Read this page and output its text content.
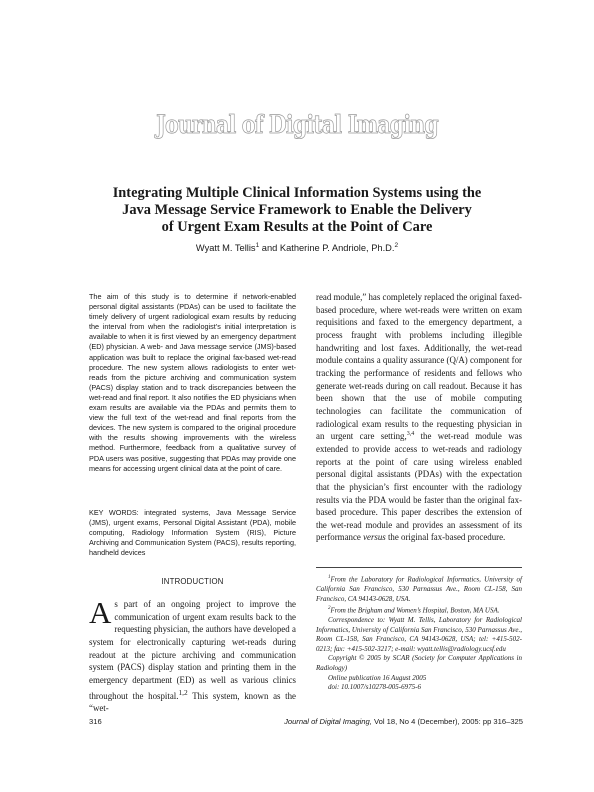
Journal of Digital Imaging
Integrating Multiple Clinical Information Systems using the
Java Message Service Framework to Enable the Delivery
of Urgent Exam Results at the Point of Care
Wyatt M. Tellis$^1$ and Katherine P. Andriole, Ph.D.$^2$

The aim of this study is to determine if network-enabled personal digital assistants (PDAs) can be used to facilitate the timely delivery of urgent radiological exam results by reducing the interval from when the radiologist’s initial interpretation is available to when it is first viewed by an emergency department (ED) physician. A web- and Java message service (JMS)-based application was built to replace the original fax-based wet-read procedure. The new system allows radiologists to enter wet-reads from the picture archiving and communication system (PACS) display station and to track discrepancies between the wet-read and final report. It also notifies the ED physicians when exam results are available via the PDAs and permits them to view the full text of the wet-read and final reports from the devices. The new system is compared to the original procedure with the results showing improvements with the wireless method. Furthermore, feedback from a qualitative survey of PDA users was positive, suggesting that PDAs may provide one means for accessing urgent clinical data at the point of care.

KEY WORDS: integrated systems, Java Message Service (JMS), urgent exams, Personal Digital Assistant (PDA), mobile computing, Radiology Information System (RIS), Picture Archiving and Communication System (PACS), results reporting, handheld devices
INTRODUCTION

As part of an ongoing project to improve the communication of urgent exam results back to the requesting physician, the authors have developed a system for electronically capturing wet-reads during readout at the picture archiving and communication system (PACS) display station and printing them in the emergency department (ED) as well as various clinics throughout the hospital.$^{1,2}$ This system, known as the “wet-

read module,” has completely replaced the original faxed-based procedure, where wet-reads were written on exam requisitions and faxed to the emergency department, a process fraught with problems including illegible handwriting and lost faxes. Additionally, the wet-read module contains a quality assurance (Q/A) component for tracking the performance of residents and fellows who generate wet-reads during on call readout. Because it has been shown that the use of mobile computing technologies can facilitate the communication of radiological exam results to the requesting physician in an urgent care setting,$^{3,4}$ the wet-read module was extended to provide access to wet-reads and radiology reports at the point of care using wireless enabled personal digital assistants (PDAs) with the expectation that the physician’s first encounter with the radiology results via the PDA would be faster than the original fax-based procedure. This paper describes the extension of the wet-read module and provides an assessment of its performance versus the original fax-based procedure.

$^1$From the Laboratory for Radiological Informatics, University of California San Francisco, 530 Parnassus Ave., Room CL-158, San Francisco, CA 94143-0628, USA.

$^2$From the Brigham and Women’s Hospital, Boston, MA USA.

Correspondence to: Wyatt M. Tellis, Laboratory for Radiological Informatics, University of California San Francisco, 530 Parnassus Ave., Room CL-158, San Francisco, CA 94143-0628, USA; tel: +415-502-0213; fax: +415-502-3217; e-mail: wyatt.tellis@radiology.ucsf.edu

Copyright © 2005 by SCAR (Society for Computer Applications in Radiology)

Online publication 16 August 2005

doi: 10.1007/s10278-005-6975-6

316	Journal of Digital Imaging, Vol 18, No 4 (December), 2005: pp 316–325
